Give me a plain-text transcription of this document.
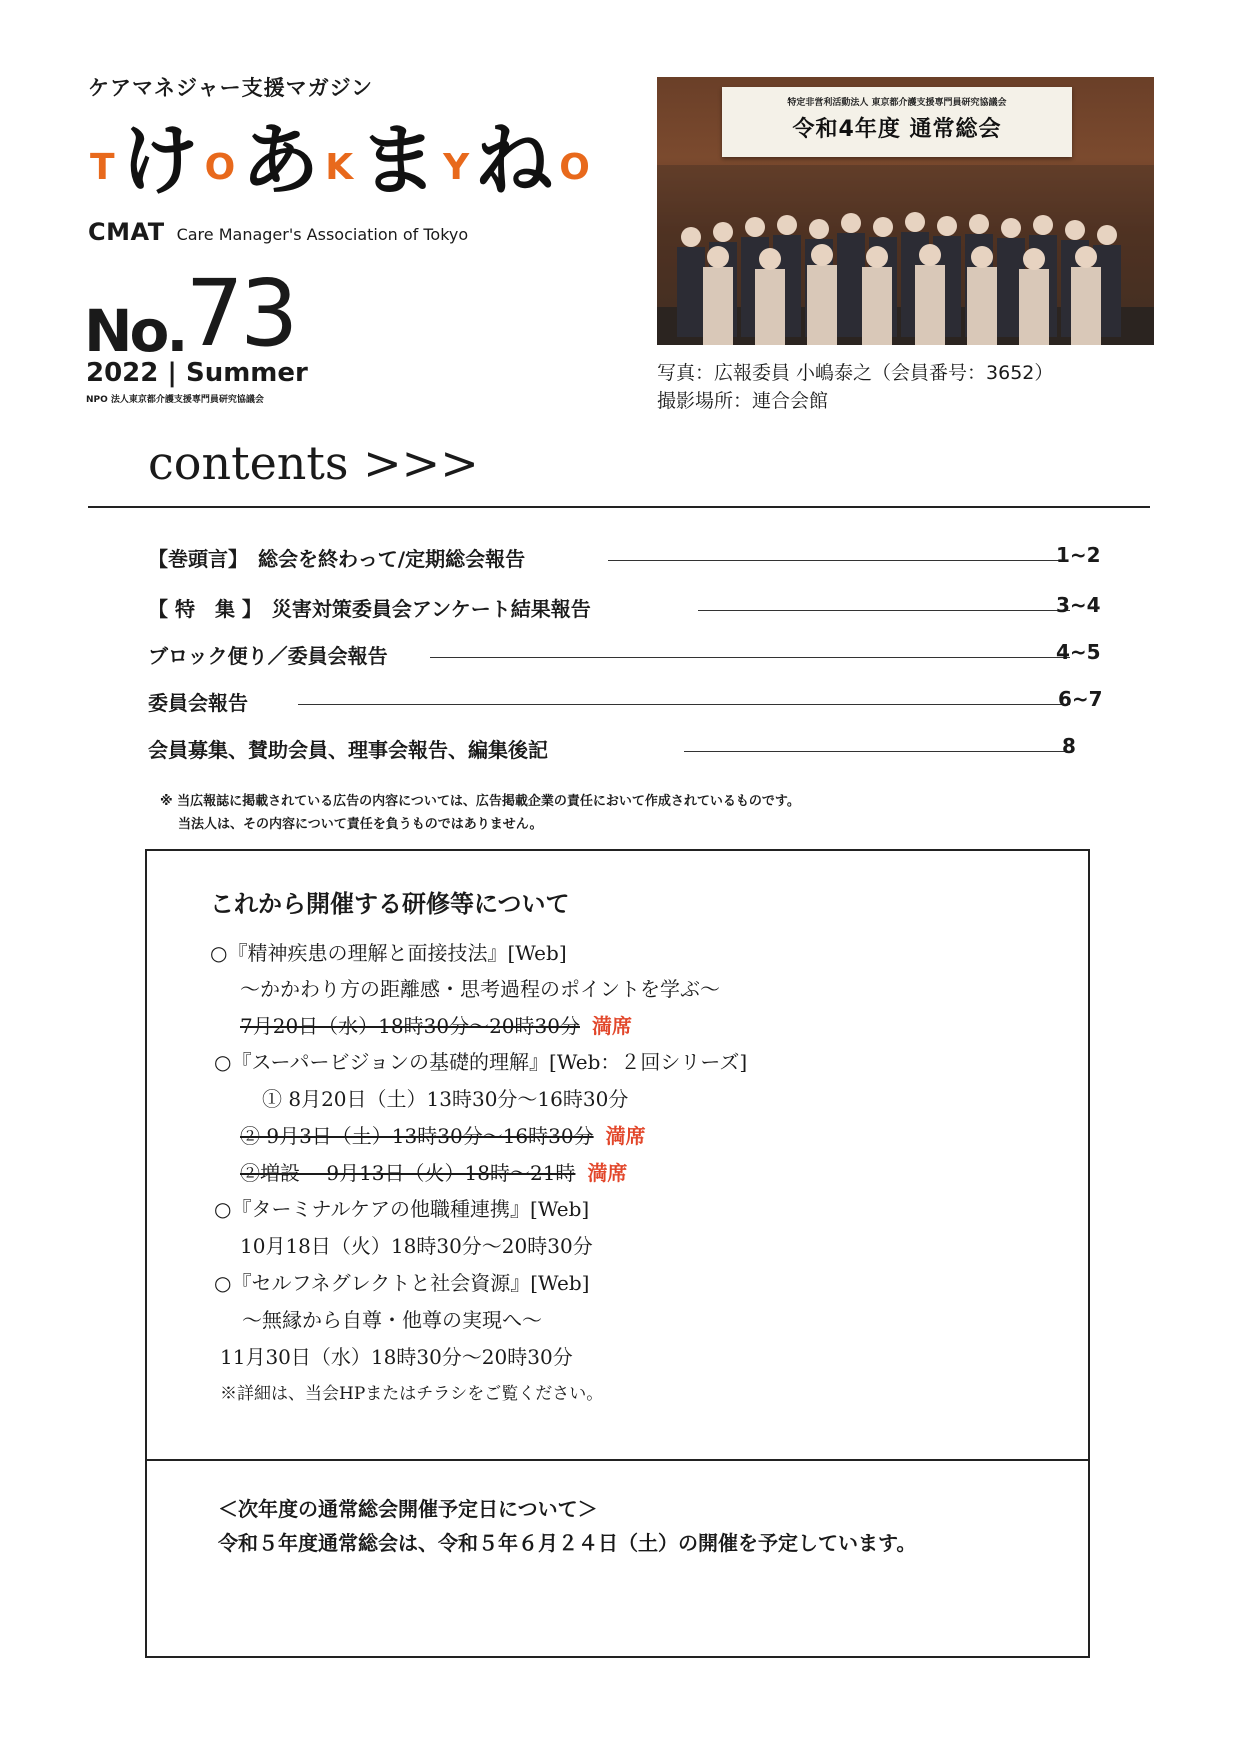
ケアマネジャー支援マガジン
T け O あ K ま Y ね O
CMAT Care Manager's Association of Tokyo
No. 73
2022 | Summer
NPO 法人東京都介護支援専門員研究協議会
特定非営利活動法人 東京都介護支援専門員研究協議会
令和4年度 通常総会
写真：広報委員 小嶋泰之（会員番号：3652）
撮影場所：連合会館
contents >>>
【巻頭言】　総会を終わって/定期総会報告	1~2
【 特　集 】　災害対策委員会アンケート結果報告	3~4
ブロック便り／委員会報告	4~5
委員会報告	6~7
会員募集、賛助会員、理事会報告、編集後記	8
※ 当広報誌に掲載されている広告の内容については、広告掲載企業の責任において作成されているものです。
当法人は、その内容について責任を負うものではありません。
これから開催する研修等について
○『精神疾患の理解と面接技法』[Web]
～かかわり方の距離感・思考過程のポイントを学ぶ～
7月20日（水）18時30分～20時30分 満席
○『スーパービジョンの基礎的理解』[Web：２回シリーズ]
① 8月20日（土）13時30分～16時30分
② 9月3日（土）13時30分～16時30分 満席
②増設　 9月13日（火）18時～21時 満席
○『ターミナルケアの他職種連携』[Web]
10月18日（火）18時30分～20時30分
○『セルフネグレクトと社会資源』[Web]
～無縁から自尊・他尊の実現へ～
11月30日（水）18時30分～20時30分
※詳細は、当会HPまたはチラシをご覧ください。
＜次年度の通常総会開催予定日について＞
令和５年度通常総会は、令和５年６月２４日（土）の開催を予定しています。
